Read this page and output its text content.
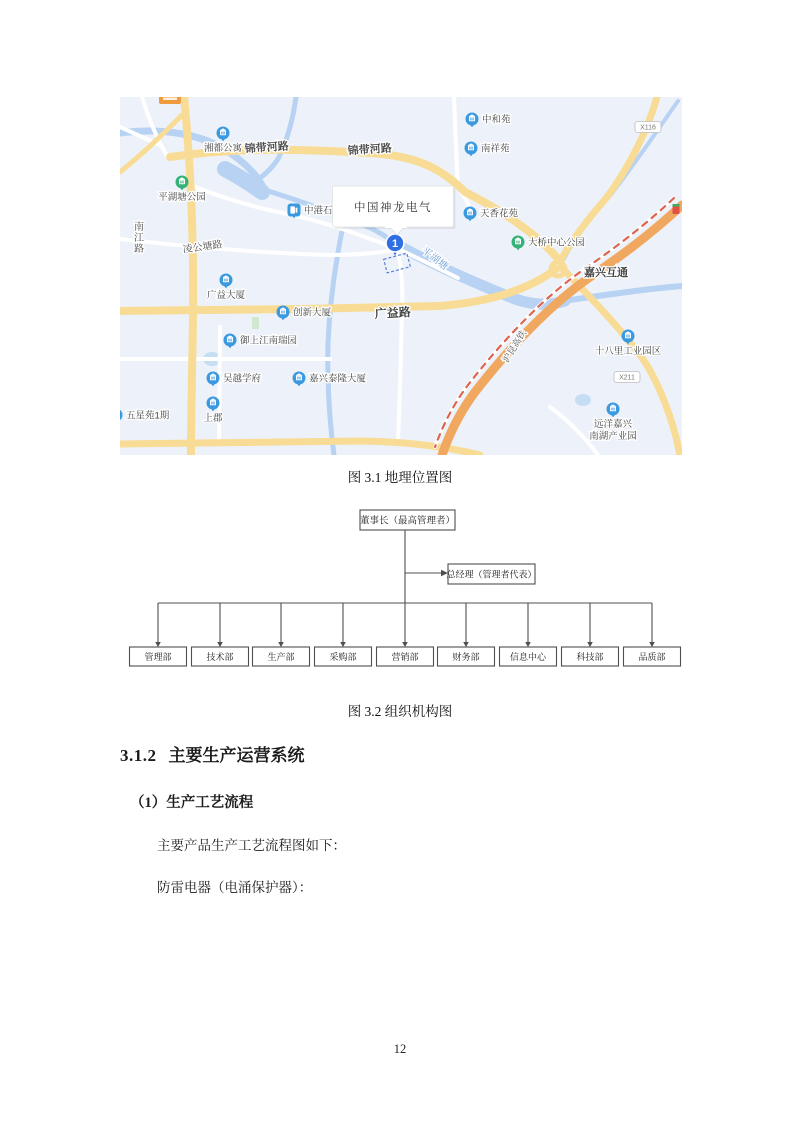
X116
X211
锦带河路	锦带河路
南江路	凌公塘路
广益路
嘉兴互通
平湖塘
沪昆高铁
湘都公寓
平湖塘公园
中港石
中和苑
南祥苑
天香花苑
大桥中心公园
广益大厦
创新大厦
御上江南瑞园
吴越学府	嘉兴泰隆大厦
上郡
五星苑1期
十八里工业园区
远洋嘉兴
南湖产业园
1
中国神龙电气
图 3.1 地理位置图
董事长（最高管理者）
总经理（管理者代表）
管理部	技术部	生产部	采购部	营销部	财务部	信息中心	科技部	品质部
图 3.2 组织机构图
3.1.2 主要生产运营系统
（1）生产工艺流程
主要产品生产工艺流程图如下：
防雷电器（电涌保护器）：
12
